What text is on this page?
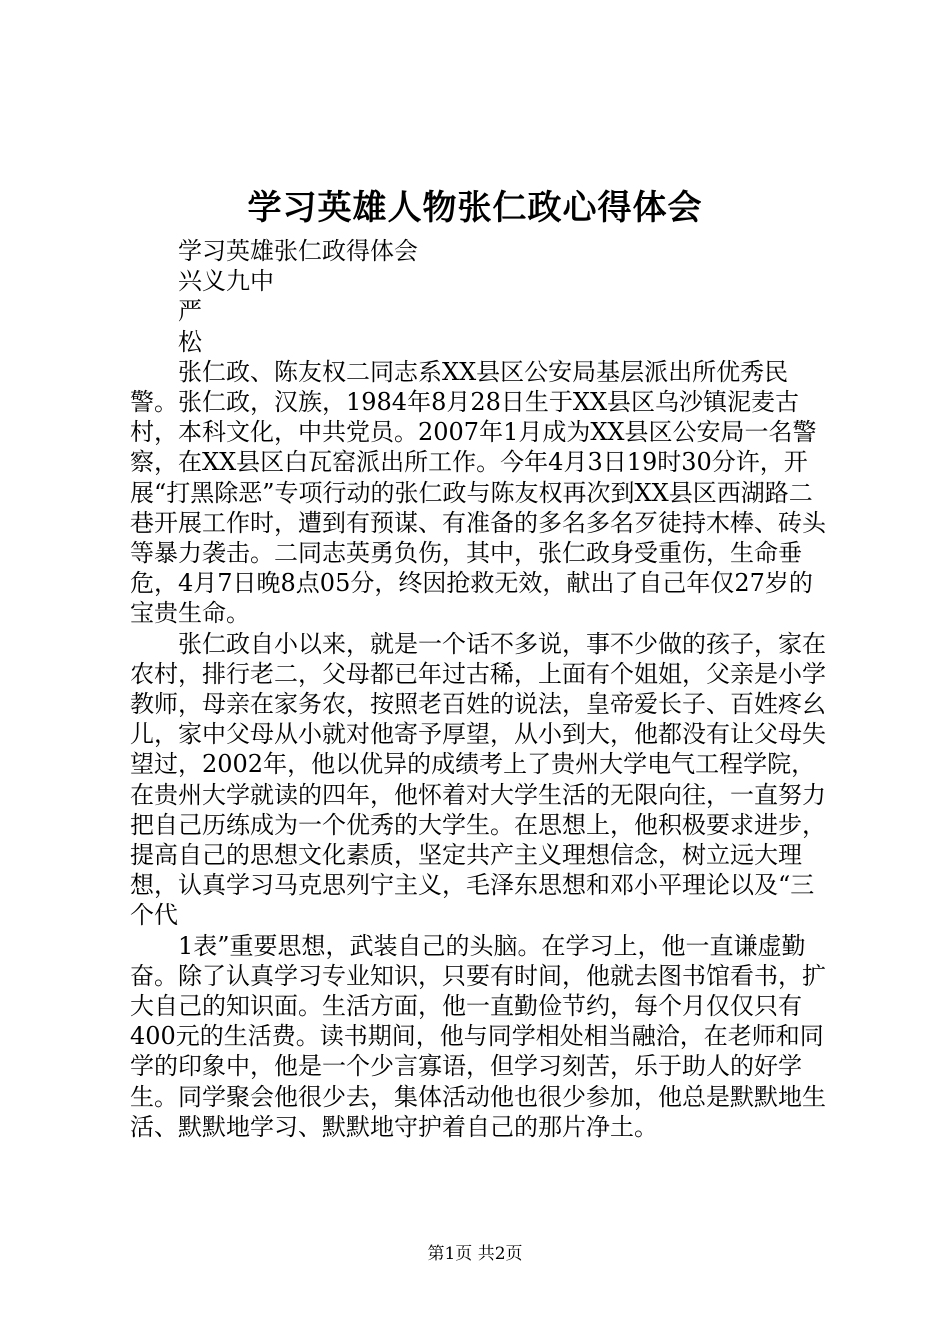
学习英雄人物张仁政心得体会

学习英雄张仁政得体会

兴义九中

严

松

张仁政、陈友权二同志系XX县区公安局基层派出所优秀民警。张仁政，汉族，1984年8月28日生于XX县区乌沙镇泥麦古村，本科文化，中共党员。2007年1月成为XX县区公安局一名警察，在XX县区白瓦窑派出所工作。今年4月3日19时30分许，开展“打黑除恶”专项行动的张仁政与陈友权再次到XX县区西湖路二巷开展工作时，遭到有预谋、有准备的多名多名歹徒持木棒、砖头等暴力袭击。二同志英勇负伤，其中，张仁政身受重伤，生命垂危，4月7日晚8点05分，终因抢救无效，献出了自己年仅27岁的宝贵生命。

张仁政自小以来，就是一个话不多说，事不少做的孩子，家在农村，排行老二，父母都已年过古稀，上面有个姐姐，父亲是小学教师，母亲在家务农，按照老百姓的说法，皇帝爱长子、百姓疼幺儿，家中父母从小就对他寄予厚望，从小到大，他都没有让父母失望过，2002年，他以优异的成绩考上了贵州大学电气工程学院，在贵州大学就读的四年，他怀着对大学生活的无限向往，一直努力把自己历练成为一个优秀的大学生。在思想上，他积极要求进步，提高自己的思想文化素质，坚定共产主义理想信念，树立远大理想，认真学习马克思列宁主义，毛泽东思想和邓小平理论以及“三个代

1表”重要思想，武装自己的头脑。在学习上，他一直谦虚勤奋。除了认真学习专业知识，只要有时间，他就去图书馆看书，扩大自己的知识面。生活方面，他一直勤俭节约，每个月仅仅只有400元的生活费。读书期间，他与同学相处相当融洽，在老师和同学的印象中，他是一个少言寡语，但学习刻苦，乐于助人的好学生。同学聚会他很少去，集体活动他也很少参加，他总是默默地生活、默默地学习、默默地守护着自己的那片净土。

第1页 共2页
